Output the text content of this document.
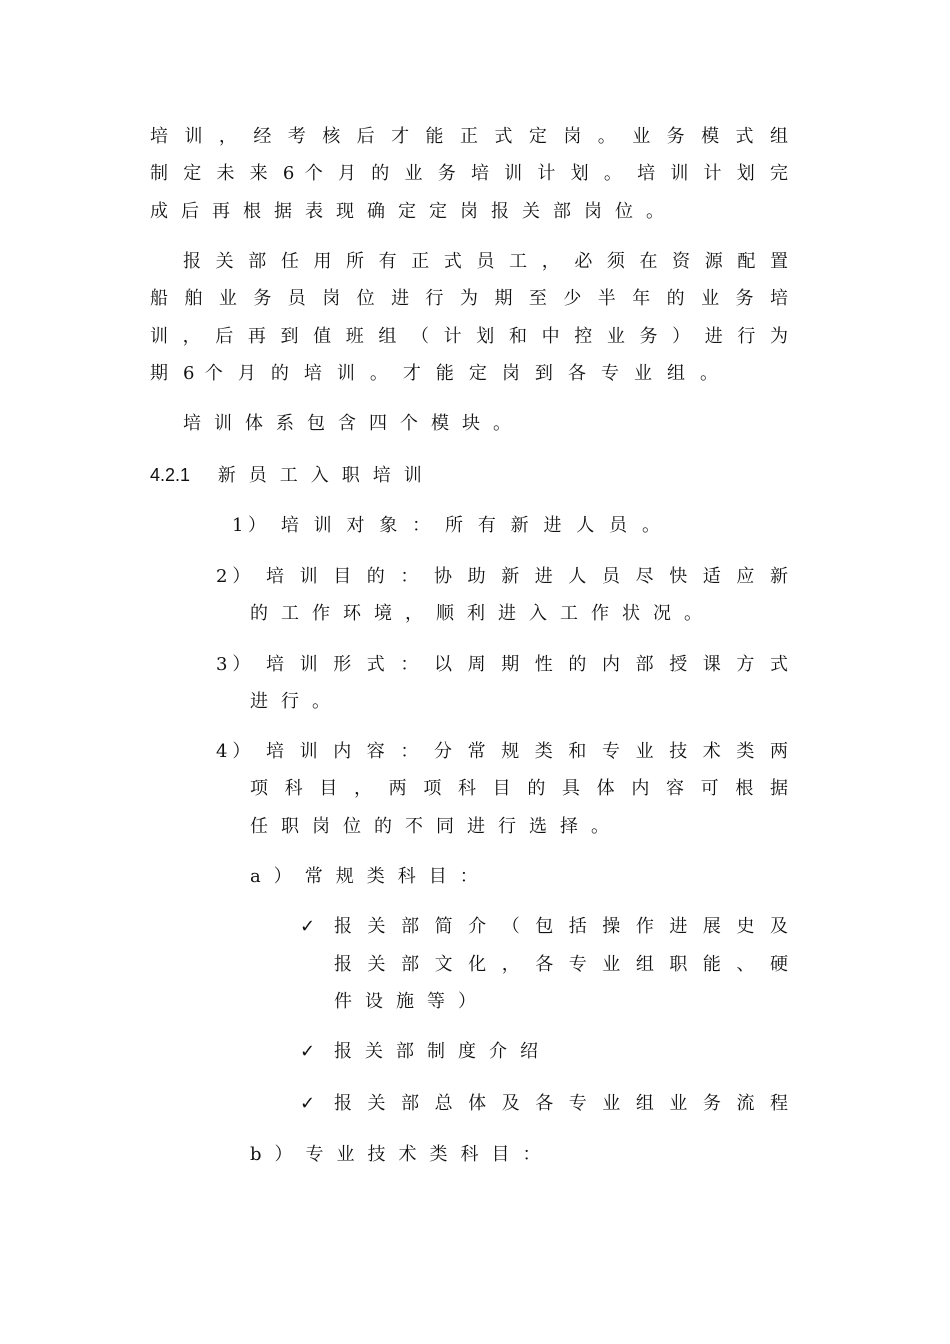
培 训 ， 经 考 核 后 才 能 正 式 定 岗 。 业 务 模 式 组
制 定 未 来 6 个 月 的 业 务 培 训 计 划 。 培 训 计 划 完
成后再根据表现确定定岗报关部岗位。
报 关 部 任 用 所 有 正 式 员 工 ， 必 须 在 资 源 配 置
船 舶 业 务 员 岗 位 进 行 为 期 至 少 半 年 的 业 务 培
训 ， 后 再 到 值 班 组 （ 计 划 和 中 控 业 务 ） 进 行 为
期 6 个 月 的 培 训 。 才 能 定 岗 到 各 专 业 组 。
培训体系包含四个模块。
4.2.1 新员工入职培训
1） 培 训 对 象 ： 所 有 新 进 人 员 。
2） 培 训 目 的 ： 协 助 新 进 人 员 尽 快 适 应 新
的工作环境，顺利进入工作状况。
3） 培 训 形 式 ： 以 周 期 性 的 内 部 授 课 方 式
进行。
4） 培 训 内 容 ： 分 常 规 类 和 专 业 技 术 类 两
项 科 目 ， 两 项 科 目 的 具 体 内 容 可 根 据
任职岗位的不同进行选择。
a）常规类科目：
✓ 报 关 部 简 介 （ 包 括 操 作 进 展 史 及
报 关 部 文 化 ， 各 专 业 组 职 能 、 硬
件设施等）
✓ 报关部制度介绍
✓ 报 关 部 总 体 及 各 专 业 组 业 务 流 程
b）专业技术类科目：
